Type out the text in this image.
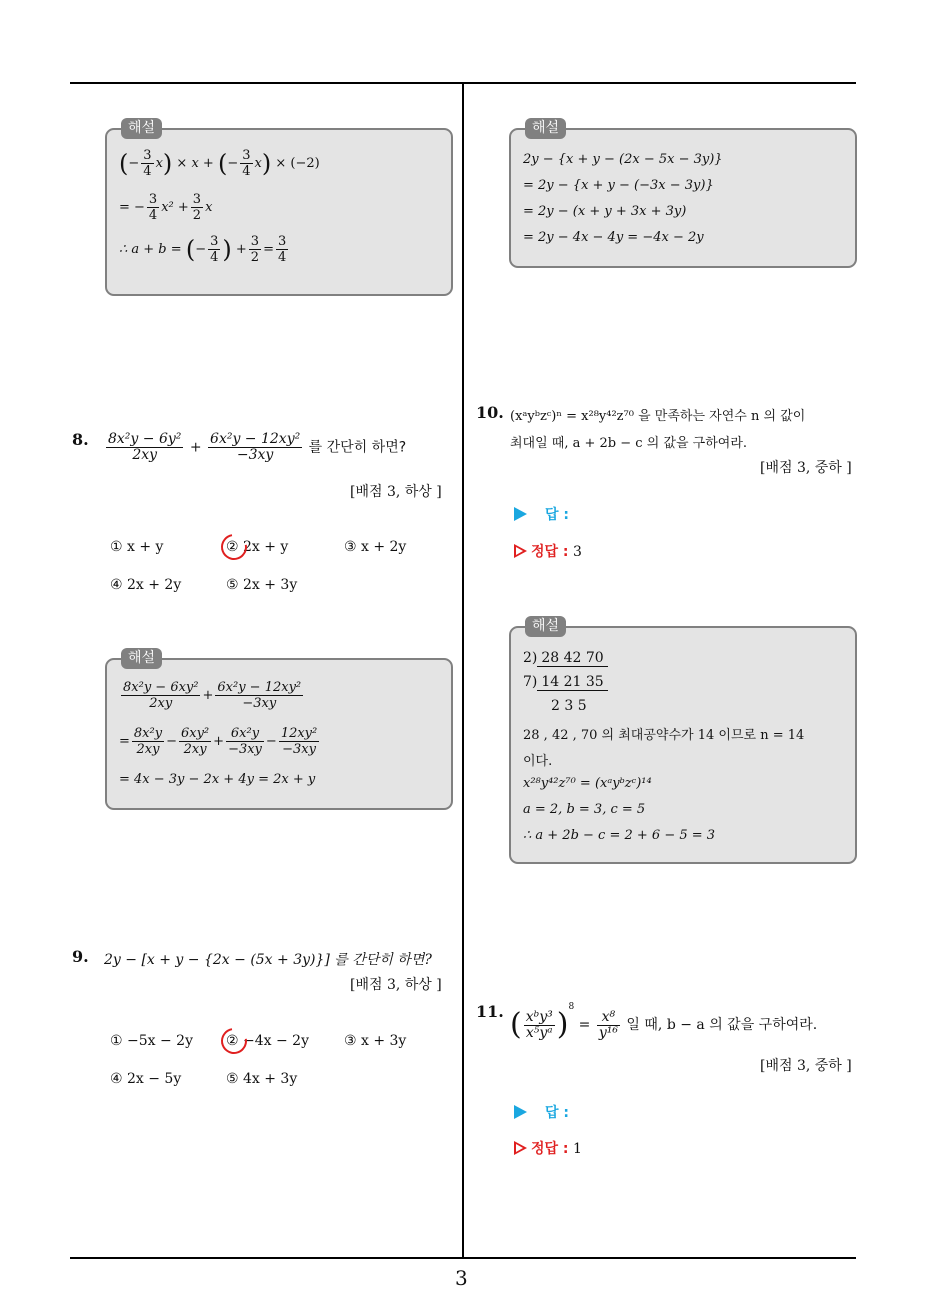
해설
(− $\frac{3}{4} x) \times x$ + (− $\frac{3}{4} x) \times (-2)$
= − $\frac{3}{4} x^2 + \frac{3}{2}$ x
∴ a + b = (− $\frac{3}{4}$ ) + $\frac{3}{2} = \frac{3}{4}$
8. $\frac{\text{8x²y − 6y²}}{2xy} + \frac{\text{6x²y − 12xy²}}{-3xy}$ 를 간단히 하면?
[배점 3, 하상 ]
① x + y	② 2x + y	③ x + 2y
④ 2x + 2y	⑤ 2x + 3y
해설
$\frac{\text{8x²y − 6xy²}}{2xy} + \frac{\text{6x²y − 12xy²}}{-3xy}$
= $\frac{\text{8x²y}}{2xy} - \frac{\text{6xy²}}{2xy} + \frac{\text{6x²y}}{-3xy} - \frac{\text{12xy²}}{-3xy}$
= 4x − 3y − 2x + 4y = 2x + y
9. 2y − [x + y − {2x − (5x + 3y)}] 를 간단히 하면?
[배점 3, 하상 ]
① −5x − 2y ② −4x − 2y	③ x + 3y
④ 2x − 5y	⑤ 4x + 3y
해설
2y − {x + y − (2x − 5x − 3y)}
= 2y − {x + y − (−3x − 3y)}
= 2y − (x + y + 3x + 3y)
= 2y − 4x − 4y = −4x − 2y
10. (xᵃyᵇzᶜ)ⁿ = x²⁸y⁴²z⁷⁰ 을 만족하는 자연수 n 의 값이
최대일 때, a + 2b − c 의 값을 구하여라.
[배점 3, 중하 ]
답 :
정답 : 3
해설
2) 28 42 70
7) 14 21 35
2 3 5
28 , 42 , 70 의 최대공약수가 14 이므로 n = 14
이다.
x²⁸y⁴²z⁷⁰ = (xᵃyᵇzᶜ)¹⁴
a = 2, b = 3, c = 5
∴ a + 2b − c = 2 + 6 − 5 = 3
11. ( $\frac{\text{xᵇy³}}{\text{x⁵yᵃ}} )^8 = \frac{\text{x⁸}}{\text{y¹⁶}}$ 일 때, b − a 의 값을 구하여라.
[배점 3, 중하 ]
답 :
정답 : 1
3
